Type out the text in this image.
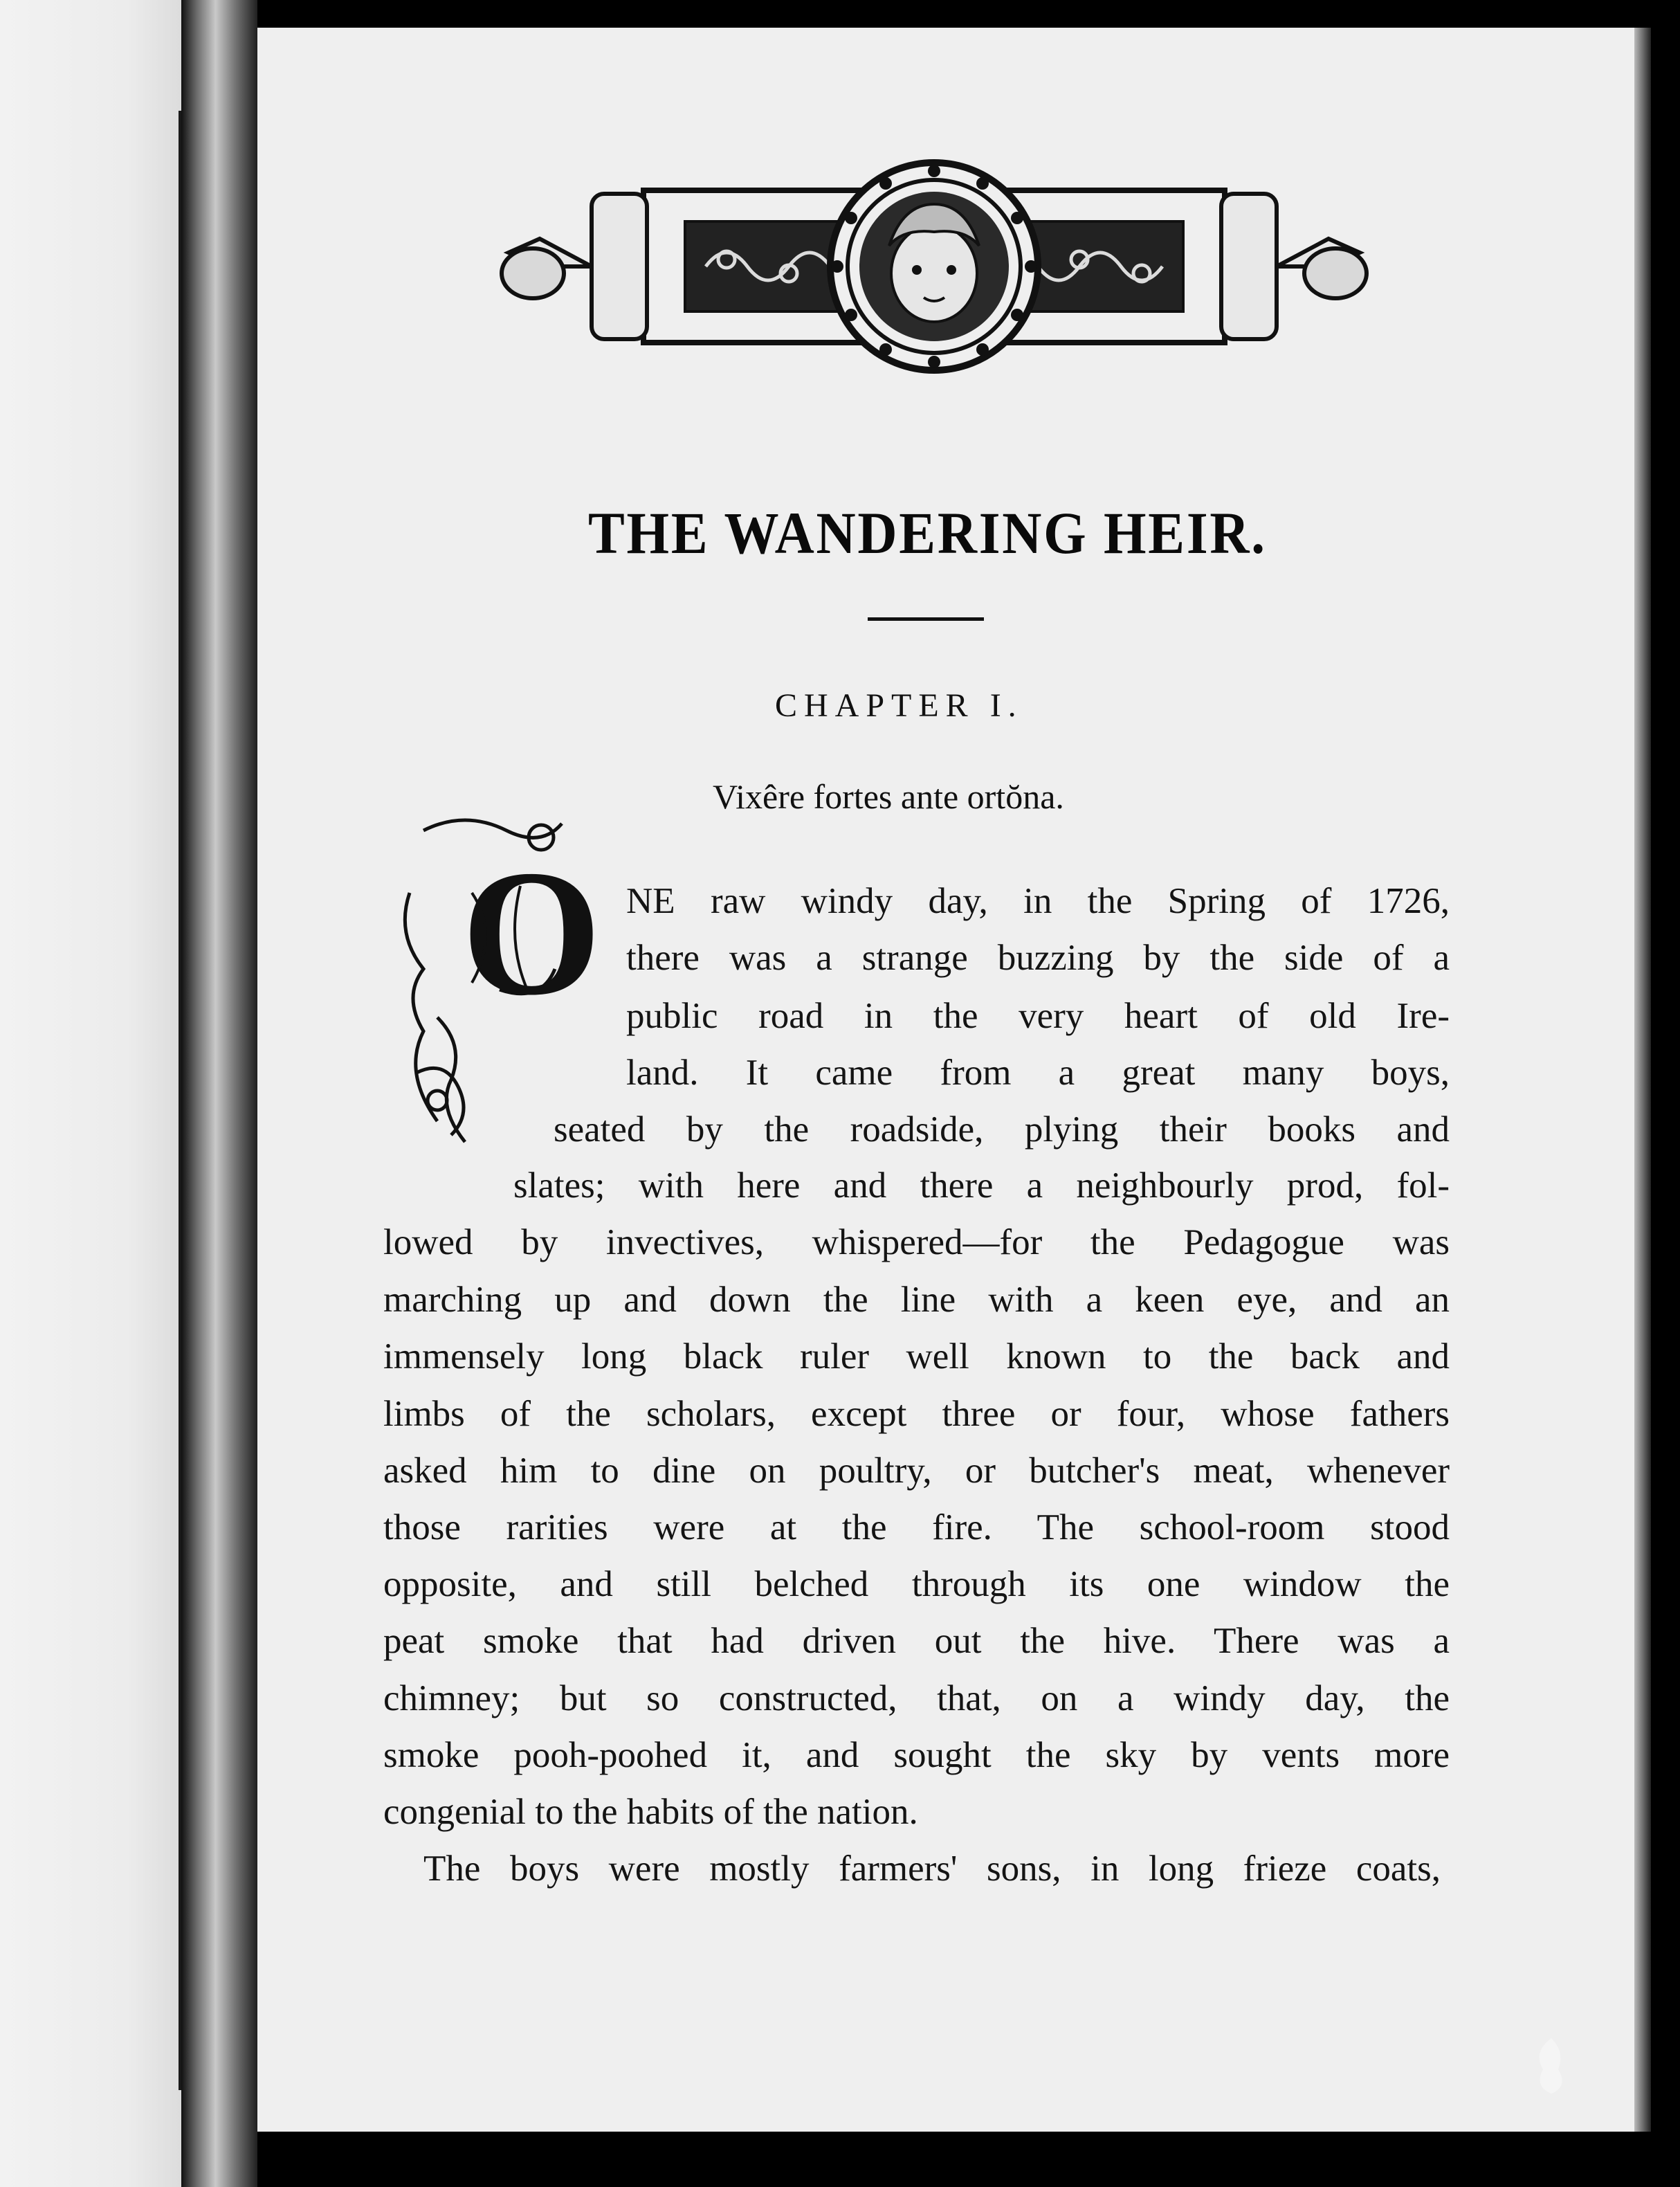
THE WANDERING HEIR.
CHAPTER I.
Vixêre fortes ante ortŏna.
O NE raw windy day, in the Spring of 1726,
there was a strange buzzing by the side of a
public road in the very heart of old Ire-
land. It came from a great many boys,
seated by the roadside, plying their books and
slates; with here and there a neighbourly prod, fol-
lowed by invectives, whispered—for the Pedagogue was
marching up and down the line with a keen eye, and an
immensely long black ruler well known to the back and
limbs of the scholars, except three or four, whose fathers
asked him to dine on poultry, or butcher's meat, whenever
those rarities were at the fire. The school-room stood
opposite, and still belched through its one window the
peat smoke that had driven out the hive. There was a
chimney; but so constructed, that, on a windy day, the
smoke pooh-poohed it, and sought the sky by vents more
congenial to the habits of the nation.
The boys were mostly farmers' sons, in long frieze coats,
